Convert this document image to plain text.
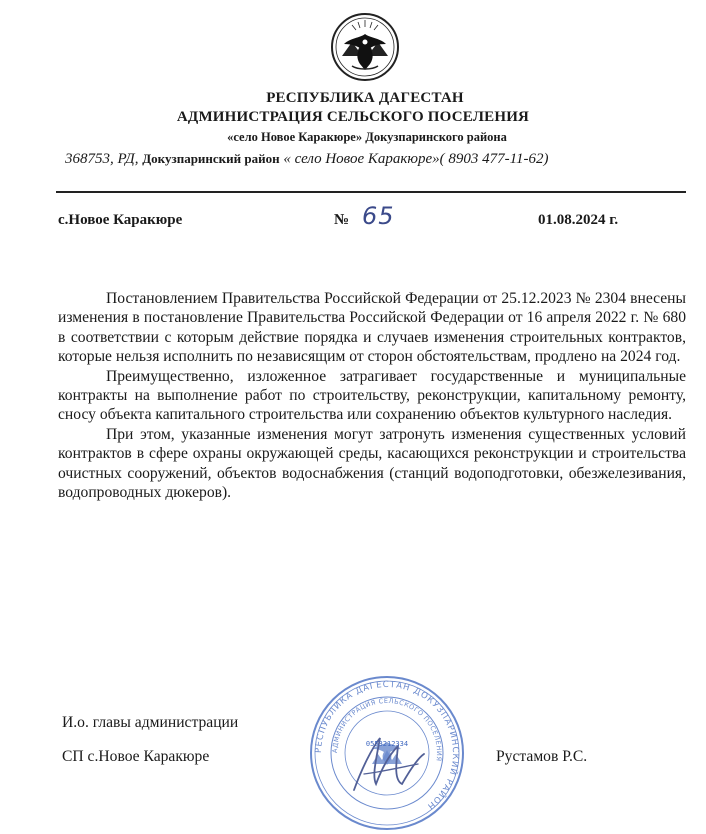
РЕСПУБЛИКА ДАГЕСТАН
АДМИНИСТРАЦИЯ СЕЛЬСКОГО ПОСЕЛЕНИЯ
«село Новое Каракюре» Докузпаринского района
368753, РД, Докузпаринский район « село Новое Каракюре»( 8903 477-11-62)
с.Новое Каракюре	№ 65	01.08.2024 г.

Постановлением Правительства Российской Федерации от 25.12.2023 № 2304 внесены изменения в постановление Правительства Российской Федерации от 16 апреля 2022 г. № 680 в соответствии с которым действие порядка и случаев изменения строительных контрактов, которые нельзя исполнить по независящим от сторон обстоятельствам, продлено на 2024 год.

Преимущественно, изложенное затрагивает государственные и муниципальные контракты на выполнение работ по строительству, реконструкции, капитальному ремонту, сносу объекта капитального строительства или сохранению объектов культурного наследия.

При этом, указанные изменения могут затронуть изменения существенных условий контрактов в сфере охраны окружающей среды, касающихся реконструкции и строительства очистных сооружений, объектов водоснабжения (станций водоподготовки, обезжелезивания, водопроводных дюкеров).

И.о. главы администрации
СП с.Новое Каракюре	Рустамов Р.С.
РЕСПУБЛИКА ДАГЕСТАН ДОКУЗПАРИНСКИЙ РАЙОН
АДМИНИСТРАЦИЯ СЕЛЬСКОГО ПОСЕЛЕНИЯ
0553212334
